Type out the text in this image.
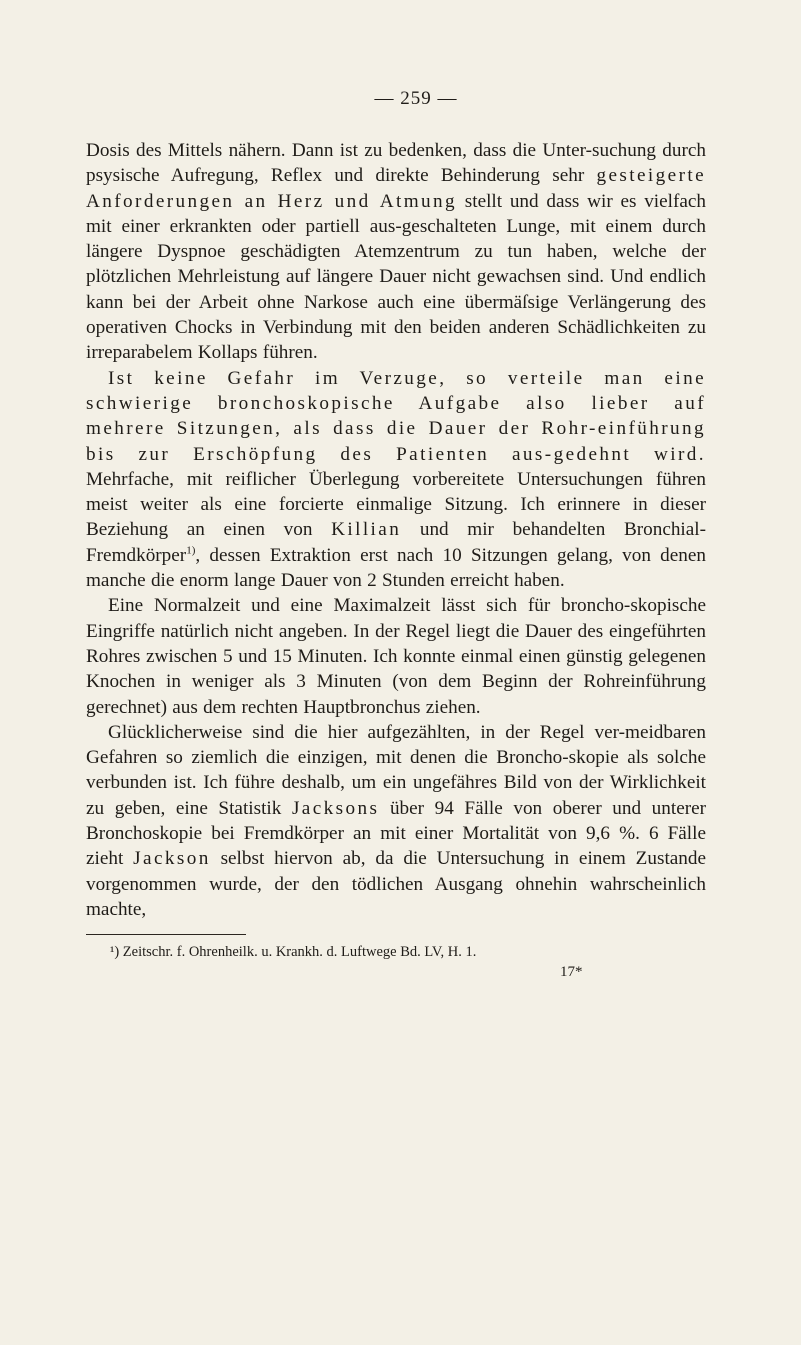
— 259 —

Dosis des Mittels nähern. Dann ist zu bedenken, dass die Unter-suchung durch psysische Aufregung, Reflex und direkte Behinderung sehr gesteigerte Anforderungen an Herz und Atmung stellt und dass wir es vielfach mit einer erkrankten oder partiell aus-geschalteten Lunge, mit einem durch längere Dyspnoe geschädigten Atemzentrum zu tun haben, welche der plötzlichen Mehrleistung auf längere Dauer nicht gewachsen sind. Und endlich kann bei der Arbeit ohne Narkose auch eine übermäſsige Verlängerung des operativen Chocks in Verbindung mit den beiden anderen Schädlichkeiten zu irreparabelem Kollaps führen.

Ist keine Gefahr im Verzuge, so verteile man eine schwierige bronchoskopische Aufgabe also lieber auf mehrere Sitzungen, als dass die Dauer der Rohr-einführung bis zur Erschöpfung des Patienten aus-gedehnt wird. Mehrfache, mit reiflicher Überlegung vorbereitete Untersuchungen führen meist weiter als eine forcierte einmalige Sitzung. Ich erinnere in dieser Beziehung an einen von Killian und mir behandelten Bronchial-Fremdkörper$^{1)}$, dessen Extraktion erst nach 10 Sitzungen gelang, von denen manche die enorm lange Dauer von 2 Stunden erreicht haben.

Eine Normalzeit und eine Maximalzeit lässt sich für broncho-skopische Eingriffe natürlich nicht angeben. In der Regel liegt die Dauer des eingeführten Rohres zwischen 5 und 15 Minuten. Ich konnte einmal einen günstig gelegenen Knochen in weniger als 3 Minuten (von dem Beginn der Rohreinführung gerechnet) aus dem rechten Hauptbronchus ziehen.

Glücklicherweise sind die hier aufgezählten, in der Regel ver-meidbaren Gefahren so ziemlich die einzigen, mit denen die Broncho-skopie als solche verbunden ist. Ich führe deshalb, um ein ungefähres Bild von der Wirklichkeit zu geben, eine Statistik Jacksons über 94 Fälle von oberer und unterer Bronchoskopie bei Fremdkörper an mit einer Mortalität von 9,6 %. 6 Fälle zieht Jackson selbst hiervon ab, da die Untersuchung in einem Zustande vorgenommen wurde, der den tödlichen Ausgang ohnehin wahrscheinlich machte,

¹) Zeitschr. f. Ohrenheilk. u. Krankh. d. Luftwege Bd. LV, H. 1.
17*
